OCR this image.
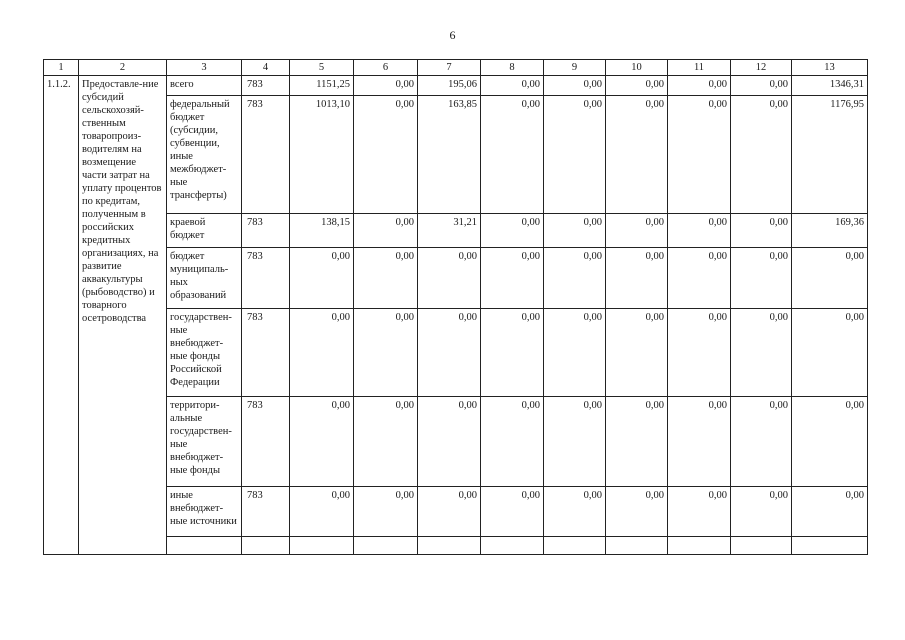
6
1	2	3	4	5	6	7	8	9	10	11	12	13
1.1.2.	Предоставле-ние субсидий сельскохозяй-ственным товаропроиз-водителям на возмещение части затрат на уплату процентов по кредитам, полученным в российских кредитных организациях, на развитие аквакультуры (рыбоводство) и товарного осетроводства	всего	783	1151,25	0,00	195,06	0,00	0,00	0,00	0,00	0,00	1346,31
		федеральный бюджет (субсидии, субвенции, иные межбюджет-ные трансферты)	783	1013,10	0,00	163,85	0,00	0,00	0,00	0,00	0,00	1176,95
		краевой бюджет	783	138,15	0,00	31,21	0,00	0,00	0,00	0,00	0,00	169,36
		бюджет муниципаль-ных образований	783	0,00	0,00	0,00	0,00	0,00	0,00	0,00	0,00	0,00
		государствен-ные внебюджет-ные фонды Российской Федерации	783	0,00	0,00	0,00	0,00	0,00	0,00	0,00	0,00	0,00
		территори-альные государствен-ные внебюджет-ные фонды	783	0,00	0,00	0,00	0,00	0,00	0,00	0,00	0,00	0,00
		иные внебюджет-ные источники	783	0,00	0,00	0,00	0,00	0,00	0,00	0,00	0,00	0,00
